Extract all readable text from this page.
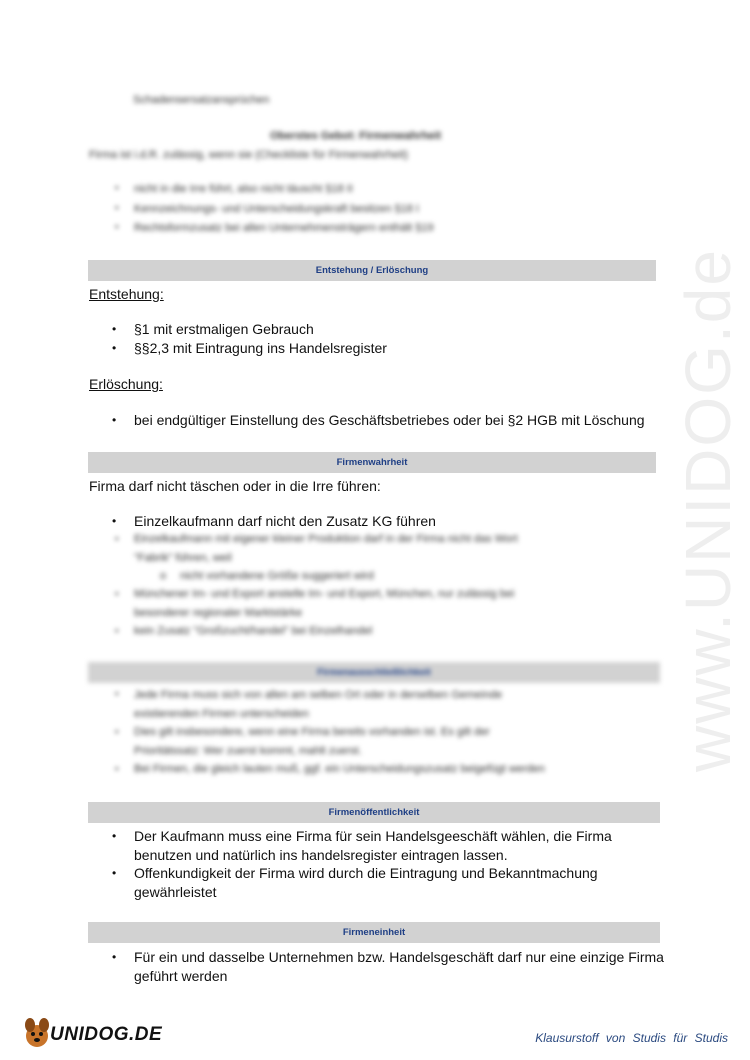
www.UNIDOG.de
Schadensersatzansprüchen
Oberstes Gebot: Firmenwahrheit
Firma ist i.d.R. zulässig, wenn sie (Checkliste für Firmenwahrheit)
• nicht in die Irre führt, also nicht täuscht §18 II
• Kennzeichnungs- und Unterscheidungskraft besitzen §18 I
• Rechtsformzusatz bei allen Unternehmensträgern enthält §19
Entstehung / Erlöschung
Entstehung:
• §1 mit erstmaligen Gebrauch
• §§2,3 mit Eintragung ins Handelsregister
Erlöschung:
• bei endgültiger Einstellung des Geschäftsbetriebes oder bei §2 HGB mit Löschung
Firmenwahrheit
Firma darf nicht täschen oder in die Irre führen:
• Einzelkaufmann darf nicht den Zusatz KG führen
• Einzelkaufmann mit eigener kleiner Produktion darf in der Firma nicht das Wort
"Fabrik" führen, weil
o nicht vorhandene Größe suggeriert wird
• Münchener Im- und Export anstelle Im- und Export, München, nur zulässig bei
besonderer regionaler Marktstärke
• kein Zusatz "Großzucht/handel" bei Einzelhandel
Firmenausschließlichkeit
• Jede Firma muss sich von allen am selben Ort oder in derselben Gemeinde
existierenden Firmen unterscheiden
• Dies gilt insbesondere, wenn eine Firma bereits vorhanden ist. Es gilt der
Prioritätssatz: Wer zuerst kommt, mahlt zuerst.
• Bei Firmen, die gleich lauten muß, ggf. ein Unterscheidungszusatz beigefügt werden
Firmenöffentlichkeit
• Der Kaufmann muss eine Firma für sein Handelsgeeschäft wählen, die Firma
benutzen und natürlich ins handelsregister eintragen lassen.
• Offenkundigkeit der Firma wird durch die Eintragung und Bekanntmachung
gewährleistet
Firmeneinheit
• Für ein und dasselbe Unternehmen bzw. Handelsgeschäft darf nur eine einzige Firma
geführt werden
UNIDOG.DE	Klausurstoff von Studis für Studis
